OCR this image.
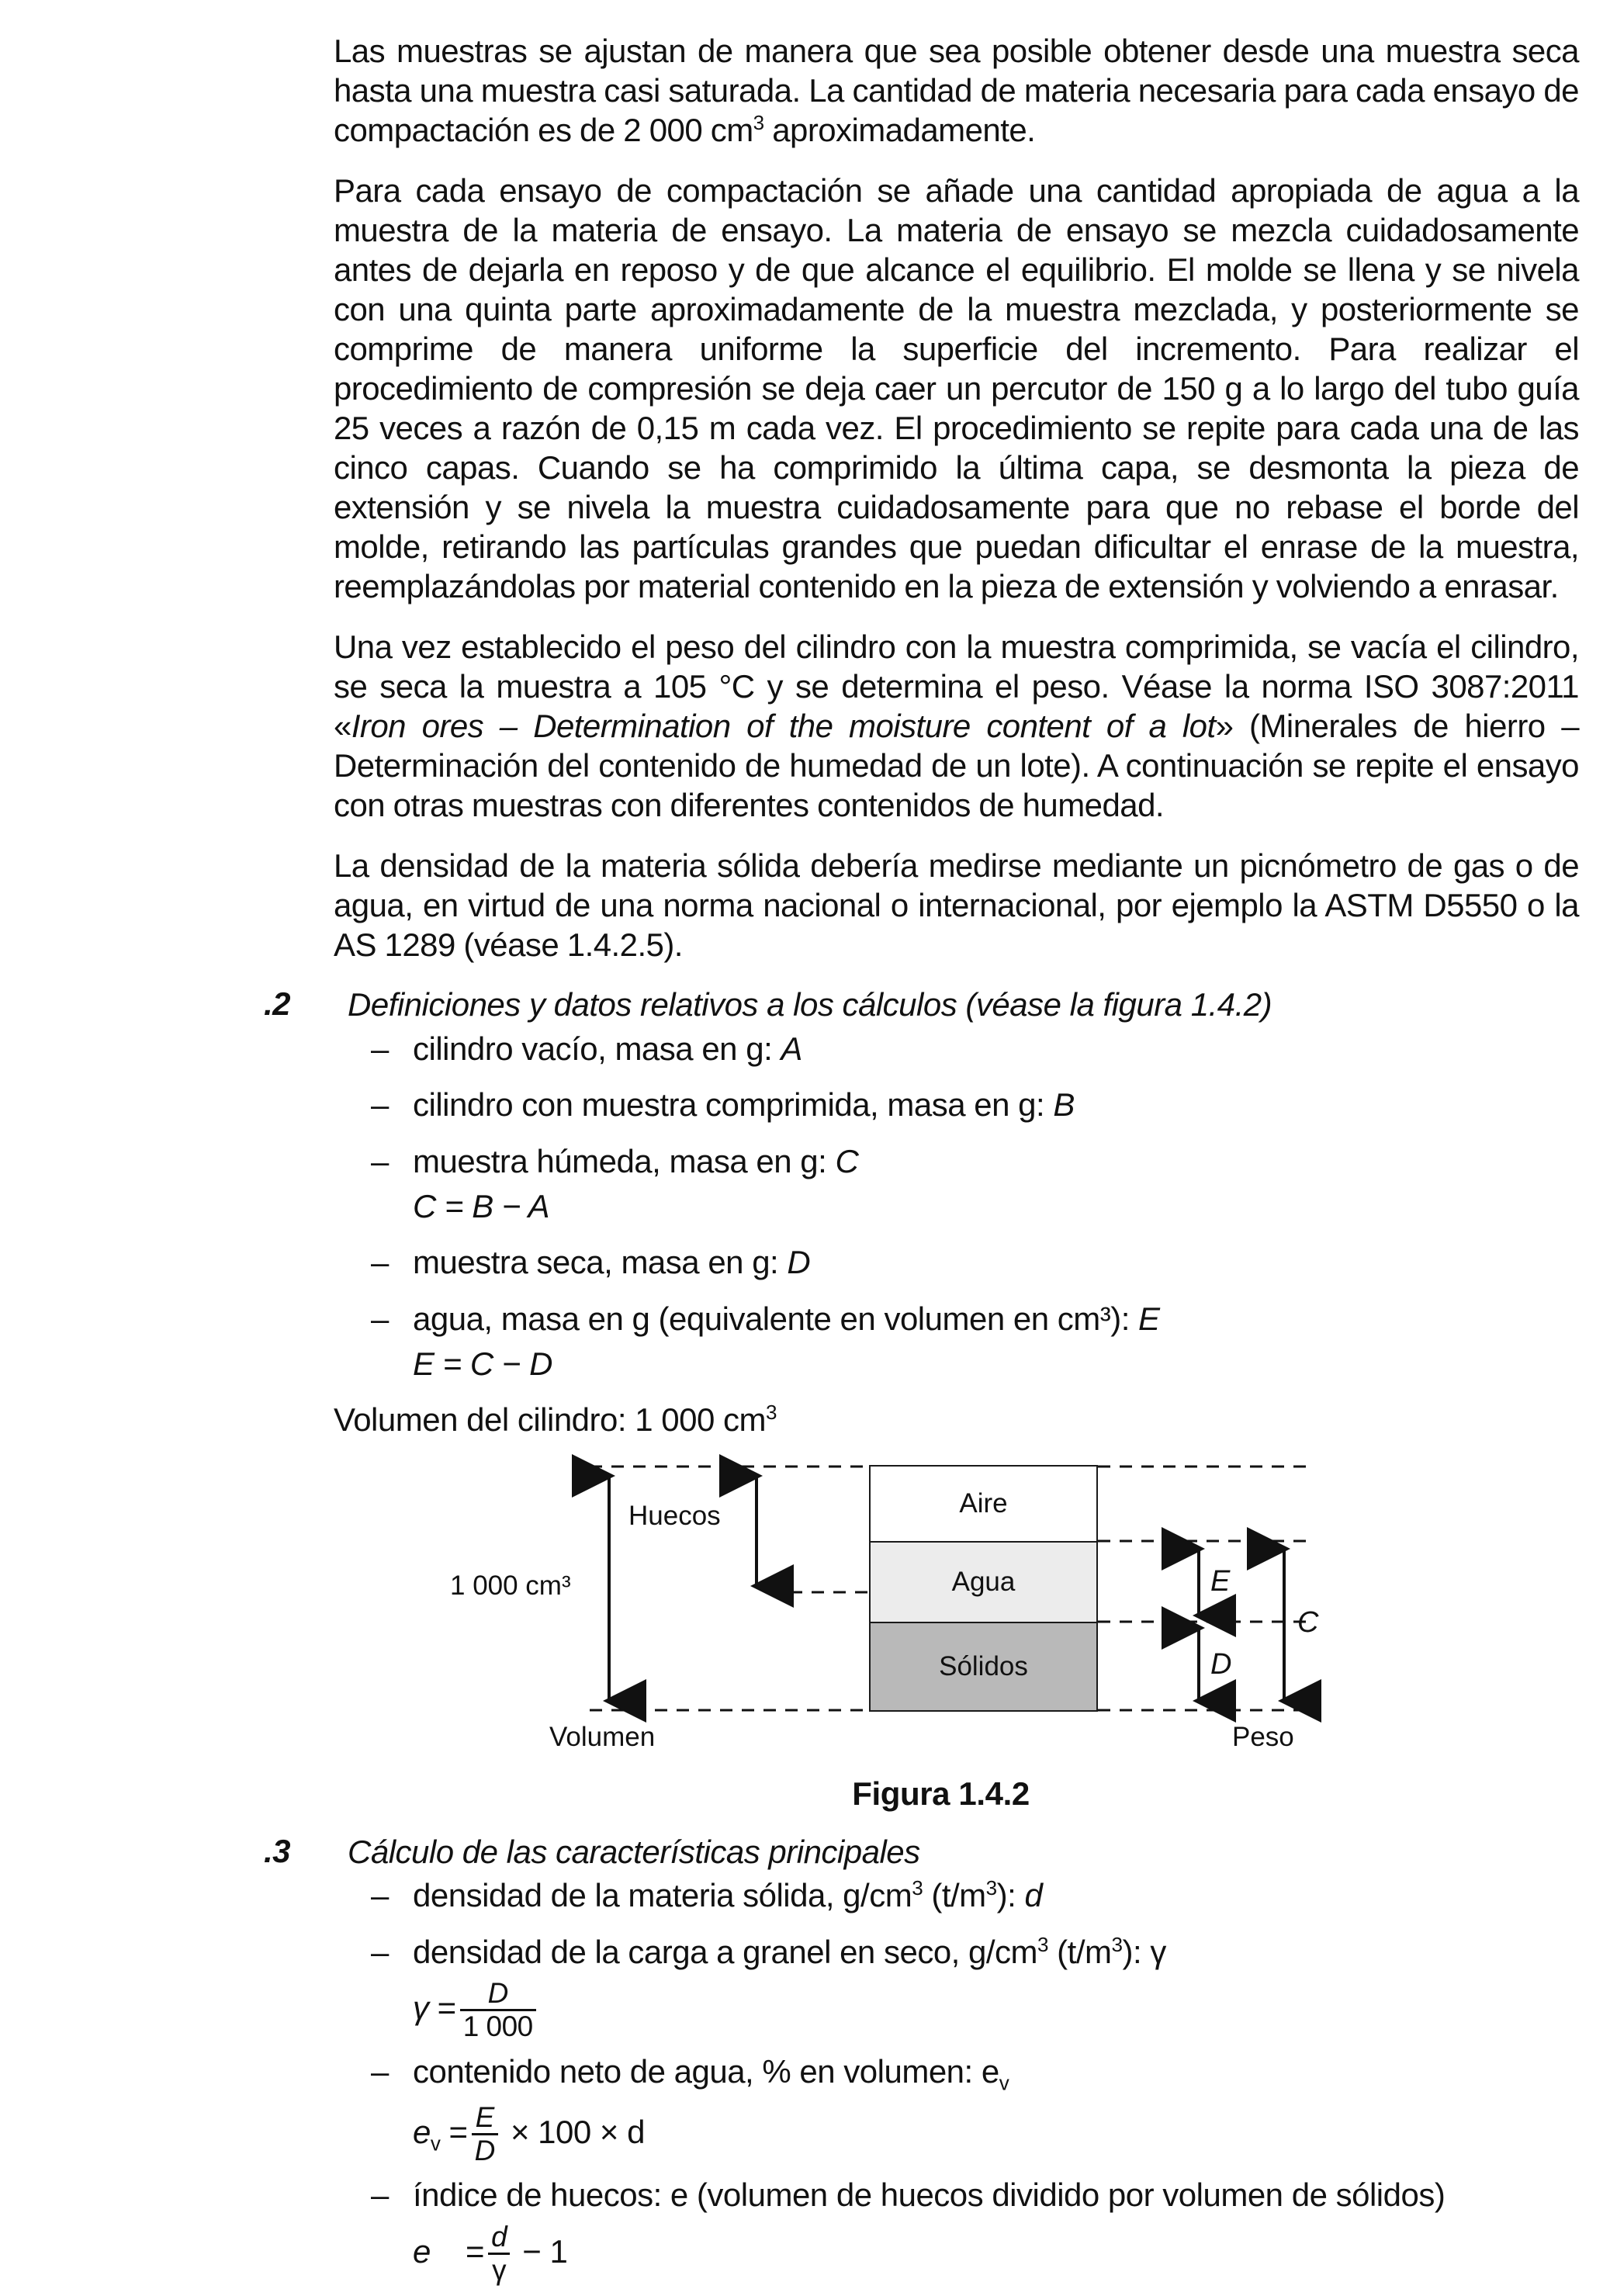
Las muestras se ajustan de manera que sea posible obtener desde una muestra seca hasta una muestra casi saturada. La cantidad de materia necesaria para cada ensayo de compactación es de 2 000 $cm^3$ aproximadamente.

Para cada ensayo de compactación se añade una cantidad apropiada de agua a la muestra de la materia de ensayo. La materia de ensayo se mezcla cuidadosamente antes de dejarla en reposo y de que alcance el equilibrio. El molde se llena y se nivela con una quinta parte aproximadamente de la muestra mezclada, y posteriormente se comprime de manera uniforme la superficie del incremento. Para realizar el procedimiento de compresión se deja caer un percutor de 150 g a lo largo del tubo guía 25 veces a razón de 0,15 m cada vez. El procedimiento se repite para cada una de las cinco capas. Cuando se ha comprimido la última capa, se desmonta la pieza de extensión y se nivela la muestra cuidadosamente para que no rebase el borde del molde, retirando las partículas grandes que puedan dificultar el enrase de la muestra, reemplazándolas por material contenido en la pieza de extensión y volviendo a enrasar.

Una vez establecido el peso del cilindro con la muestra comprimida, se vacía el cilindro, se seca la muestra a 105 °C y se determina el peso. Véase la norma ISO 3087:2011 «Iron ores – Determination of the moisture content of a lot» (Minerales de hierro – Determinación del contenido de humedad de un lote). A continuación se repite el ensayo con otras muestras con diferentes contenidos de humedad.

La densidad de la materia sólida debería medirse mediante un picnómetro de gas o de agua, en virtud de una norma nacional o internacional, por ejemplo la ASTM D5550 o la AS 1289 (véase 1.4.2.5).

.2	Definiciones y datos relativos a los cálculos (véase la figura 1.4.2)
– cilindro vacío, masa en g: A
– cilindro con muestra comprimida, masa en g: B
– muestra húmeda, masa en g: C
C = B − A
– muestra seca, masa en g: D
– agua, masa en g (equivalente en volumen en cm³): E
E = C − D
Volumen del cilindro: 1 000 $cm^3$
Aire
Agua
Sólidos
1 000 cm³
Huecos
Volumen	Peso
E
D
C
Figura 1.4.2
.3	Cálculo de las características principales
– densidad de la materia sólida, $g/cm^3$ $(t/m^3)$: d
– densidad de la carga a granel en seco, $g/cm^3$ $(t/m^3)$: γ
$\gamma = \frac{D}{1 000}$
– contenido neto de agua, % en volumen: $e_v$
$e_v = \frac{E}{D} \times 100 \times d$
– índice de huecos: e (volumen de huecos dividido por volumen de sólidos)
$e = \frac{d}{\gamma} - 1$
